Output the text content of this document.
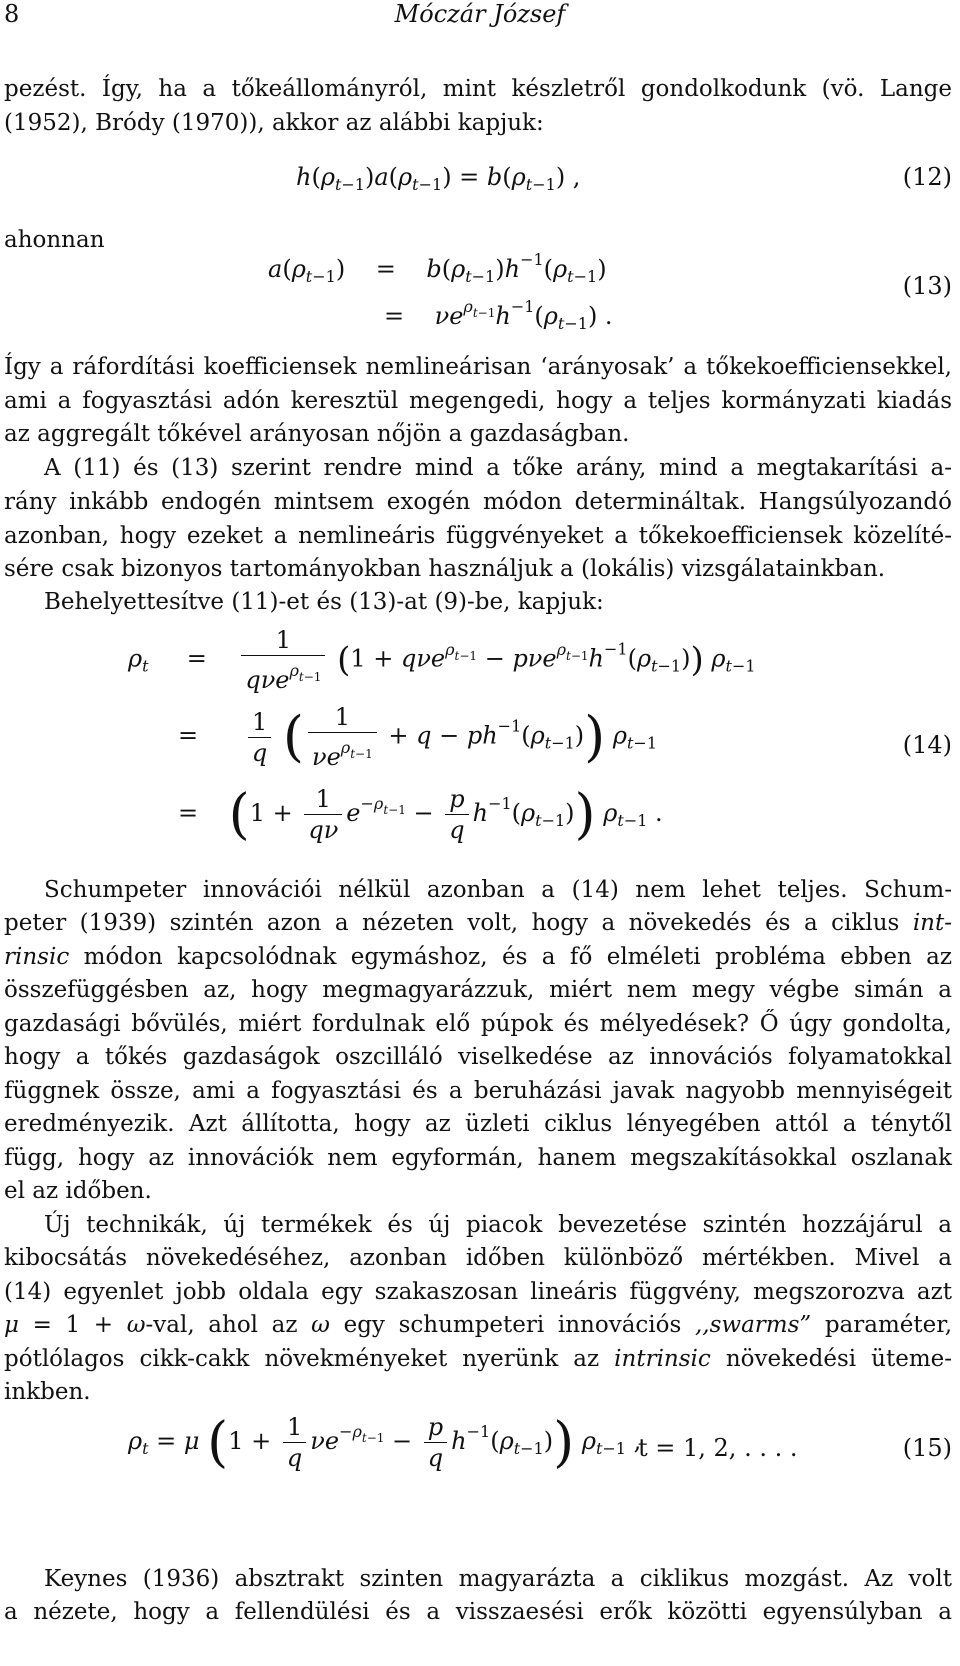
8	Móczár József
pezést. Így, ha a tőkeállományról, mint készletről gondolkodunk (vö. Lange
(1952), Bródy (1970)), akkor az alábbi kapjuk:
$h(\rho_{t-1})a(\rho_{t-1}) = b(\rho_{t-1})$ ,	(12)
ahonnan
$a(\rho_{t-1})$    =    $b(\rho_{t-1})h^{-1}(\rho_{t-1})$
=    $\nu e^{\rho_{t-1}}h^{-1}(\rho_{t-1})$ .
(13)
Így a ráfordítási koefficiensek nemlineárisan ‘arányosak’ a tőkekoefficiensekkel,
ami a fogyasztási adón keresztül megengedi, hogy a teljes kormányzati kiadás
az aggregált tőkével arányosan nőjön a gazdaságban.
A (11) és (13) szerint rendre mind a tőke arány, mind a megtakarítási a-
rány inkább endogén mintsem exogén módon determináltak. Hangsúlyozandó
azonban, hogy ezeket a nemlineáris függvényeket a tőkekoefficiensek közelíté-
sére csak bizonyos tartományokban használjuk a (lokális) vizsgálatainkban.
Behelyettesítve (11)-et és (13)-at (9)-be, kapjuk:
$\rho_t$     = $\frac{1}{q\nu e^{\rho_{t-1}}} (1 + q\nu e^{\rho_{t-1}} - p\nu e^{\rho_{t-1}}h^{-1}(\rho_{t-1}))$ $\rho_{t-1}$
= $\frac{1}{q}$ ( $\frac{1}{\nu e^{\rho_{t-1}}} + q - ph^{-1}(\rho_{t-1})$) $\rho_{t-1}$	(14)
=    $(1 + \frac{1}{q\nu} e^{-\rho_{t-1}} - \frac{p}{q} h^{-1}(\rho_{t-1}))$ $\rho_{t-1}$ .
Schumpeter innovációi nélkül azonban a (14) nem lehet teljes. Schum-
peter (1939) szintén azon a nézeten volt, hogy a növekedés és a ciklus int-
rinsic módon kapcsolódnak egymáshoz, és a fő elméleti probléma ebben az
összefüggésben az, hogy megmagyarázzuk, miért nem megy végbe simán a
gazdasági bővülés, miért fordulnak elő púpok és mélyedések? Ő úgy gondolta,
hogy a tőkés gazdaságok oszcilláló viselkedése az innovációs folyamatokkal
függnek össze, ami a fogyasztási és a beruházási javak nagyobb mennyiségeit
eredményezik. Azt állította, hogy az üzleti ciklus lényegében attól a ténytől
függ, hogy az innovációk nem egyformán, hanem megszakításokkal oszlanak
el az időben.
Új technikák, új termékek és új piacok bevezetése szintén hozzájárul a
kibocsátás növekedéséhez, azonban időben különböző mértékben. Mivel a
(14) egyenlet jobb oldala egy szakaszosan lineáris függvény, megszorozva azt
μ = 1 + ω-val, ahol az ω egy schumpeteri innovációs ,,swarms” paraméter,
pótlólagos cikk-cakk növekményeket nyerünk az intrinsic növekedési üteme-
inkben.
$\rho_t = \mu$ $(1 + \frac{1}{q} \nu e^{-\rho_{t-1}} - \frac{p}{q} h^{-1}(\rho_{t-1}))$ $\rho_{t-1}$ ,
t = 1, 2, . . . .	(15)
Keynes (1936) absztrakt szinten magyarázta a ciklikus mozgást. Az volt
a nézete, hogy a fellendülési és a visszaesési erők közötti egyensúlyban a
